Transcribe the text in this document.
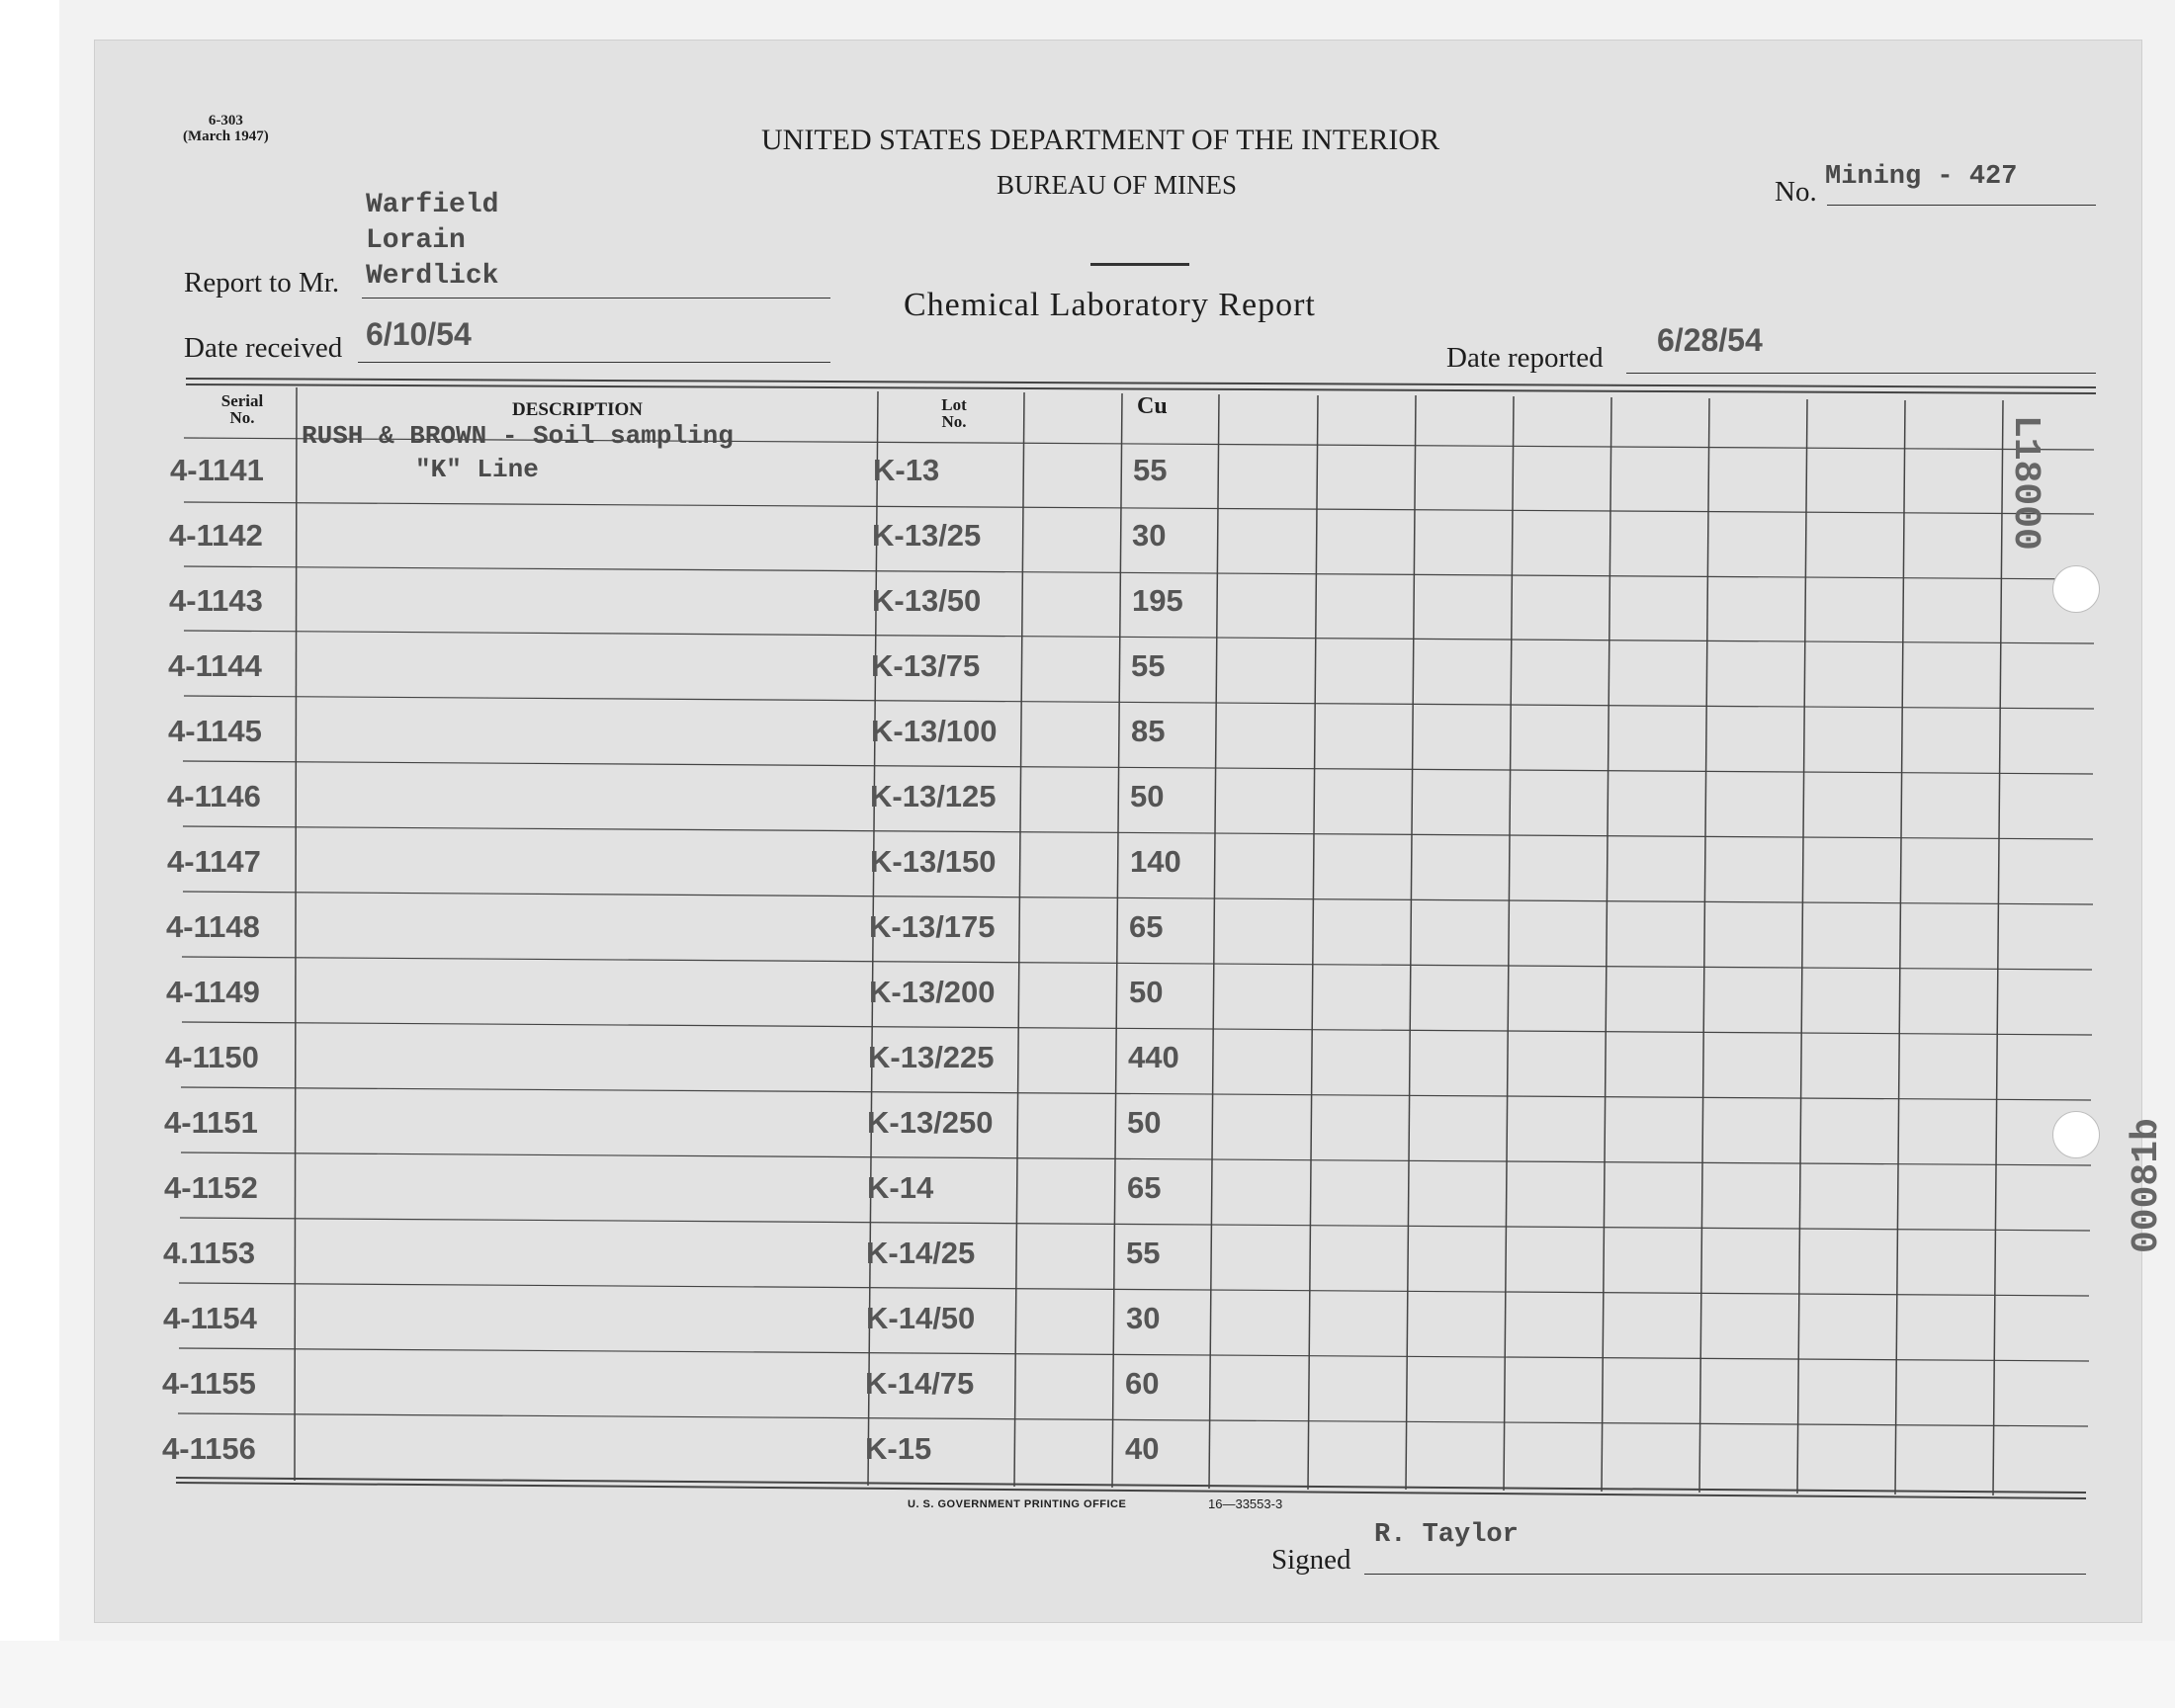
6-303
(March 1947)	UNITED STATES DEPARTMENT OF THE INTERIOR
BUREAU OF MINES
Chemical Laboratory Report
No. Mining - 427
Warfield
Lorain
Werdlick
Report to Mr.
Date received 6/10/54
Date reported 6/28/54
Serial No.	DESCRIPTION	Lot No.
Cu
RUSH & BROWN - Soil sampling
"K" Line
4-1141	K-13	55
4-1142	K-13/25	30
4-1143	K-13/50	195
4-1144	K-13/75	55
4-1145	K-13/100	85
4-1146	K-13/125	50
4-1147	K-13/150	140
4-1148	K-13/175	65
4-1149	K-13/200	50
4-1150	K-13/225	440
4-1151	K-13/250	50
4-1152	K-14	65
4.1153	K-14/25	55
4-1154	K-14/50	30
4-1155	K-14/75	60
4-1156	K-15	40
U. S. GOVERNMENT PRINTING OFFICE	16—33553-3
Signed
R. Taylor
L18000
00081b
